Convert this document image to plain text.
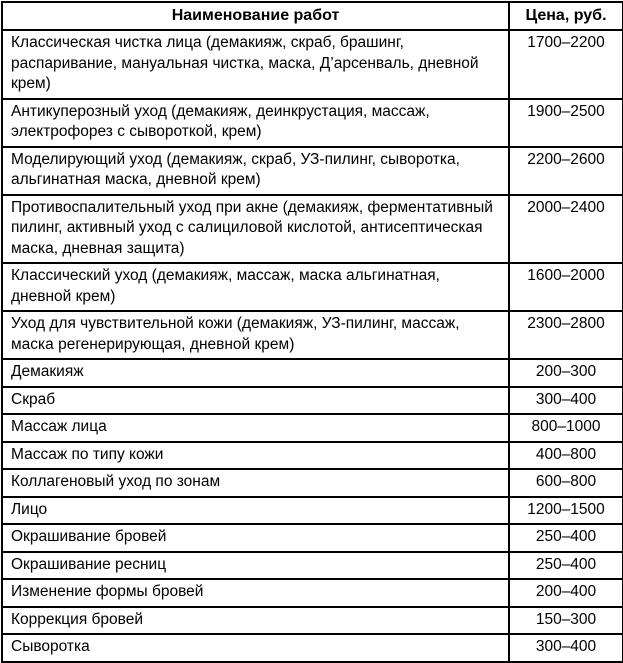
Наименование работ	Цена, руб.
Классическая чистка лица (демакияж, скраб, брашинг, распаривание, мануальная чистка, маска, Д’арсенваль, дневной крем)	1700–2200
Антикуперозный уход (демакияж, деинкрустация, массаж, электрофорез с сывороткой, крем)	1900–2500
Моделирующий уход (демакияж, скраб, УЗ-пилинг, сыворотка, альгинатная маска, дневной крем)	2200–2600
Противоспалительный уход при акне (демакияж, ферментативный пилинг, активный уход с салициловой кислотой, антисептическая маска, дневная защита)	2000–2400
Классический уход (демакияж, массаж, маска альгинатная, дневной крем)	1600–2000
Уход для чувствительной кожи (демакияж, УЗ-пилинг, массаж, маска регенерирующая, дневной крем)	2300–2800
Демакияж	200–300
Скраб	300–400
Массаж лица	800–1000
Массаж по типу кожи	400–800
Коллагеновый уход по зонам	600–800
Лицо	1200–1500
Окрашивание бровей	250–400
Окрашивание ресниц	250–400
Изменение формы бровей	200–400
Коррекция бровей	150–300
Сыворотка	300–400
